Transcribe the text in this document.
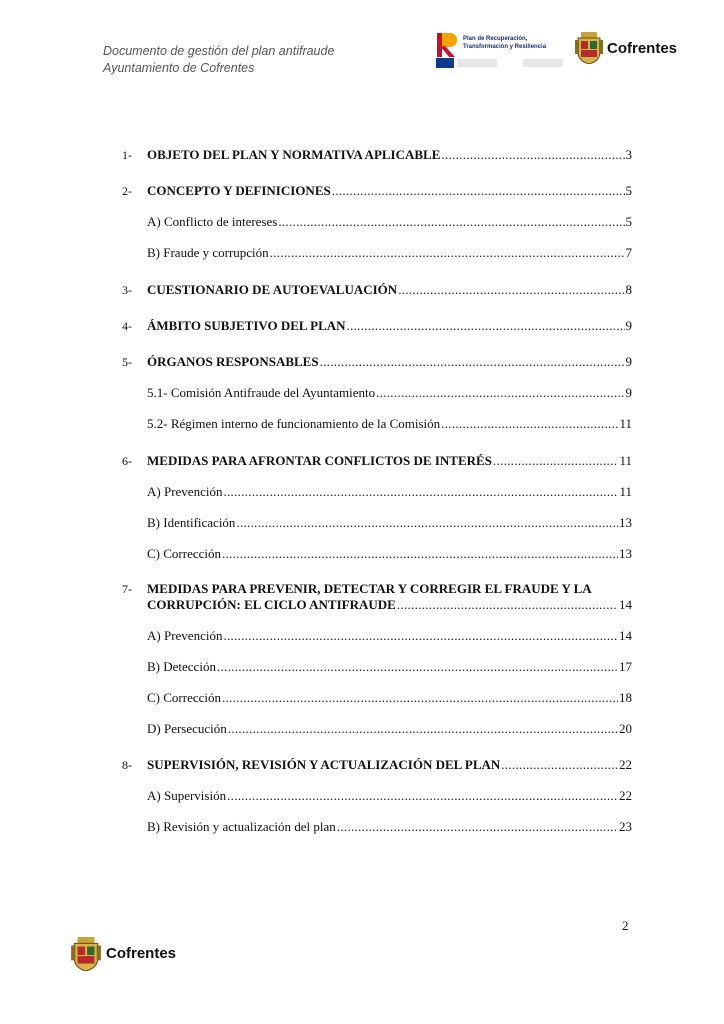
Documento de gestión del plan antifraude
Ayuntamiento de Cofrentes
Plan de Recuperación,
Transformación y Resiliencia	Cofrentes
1-	OBJETO DEL PLAN Y NORMATIVA APLICABLE .....	3
2-	CONCEPTO Y DEFINICIONES .....	5
A) Conflicto de intereses .....	5
B) Fraude y corrupción .....	7
3-	CUESTIONARIO DE AUTOEVALUACIÓN .....	8
4-	ÁMBITO SUBJETIVO DEL PLAN .....	9
5-	ÓRGANOS RESPONSABLES .....	9
5.1- Comisión Antifraude del Ayuntamiento .....	9
5.2- Régimen interno de funcionamiento de la Comisión .....	11
6-	MEDIDAS PARA AFRONTAR CONFLICTOS DE INTERÉS .....	11
A) Prevención .....	11
B) Identificación .....	13
C) Corrección .....	13
7-	MEDIDAS PARA PREVENIR, DETECTAR Y CORREGIR EL FRAUDE Y LA
CORRUPCIÓN: EL CICLO ANTIFRAUDE .....	14
A) Prevención .....	14
B) Detección .....	17
C) Corrección .....	18
D) Persecución .....	20
8-	SUPERVISIÓN, REVISIÓN Y ACTUALIZACIÓN DEL PLAN .....	22
A) Supervisión .....	22
B) Revisión y actualización del plan .....	23
2
Cofrentes
